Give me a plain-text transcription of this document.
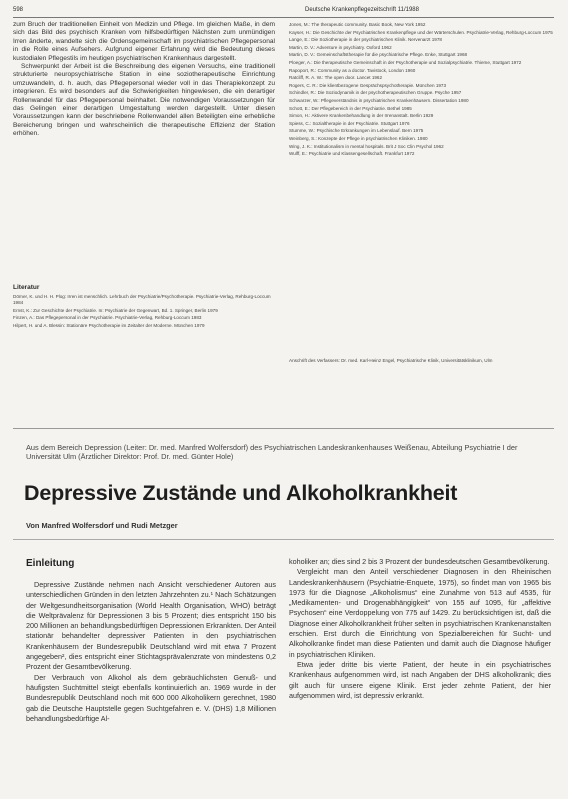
598	Deutsche Krankenpflegezeitschrift 11/1988

zum Bruch der traditionellen Einheit von Medizin und Pflege. Im gleichen Maße, in dem sich das Bild des psychisch Kranken vom hilfsbedürftigen Nächsten zum unmündigen Irren änderte, wandelte sich die Ordensgemeinschaft im psychiatrischen Pflegepersonal in die Rolle eines Aufsehers. Aufgrund eigener Erfahrung wird die Bedeutung dieses kustodialen Pflegestils im heutigen psychiatrischen Krankenhaus dargestellt.

Schwerpunkt der Arbeit ist die Beschreibung des eigenen Versuchs, eine traditionell strukturierte neuropsychiatrische Station in eine soziotherapeutische Einrichtung umzuwandeln, d. h. auch, das Pflegepersonal wieder voll in das Therapiekonzept zu integrieren. Es wird besonders auf die Schwierigkeiten hingewiesen, die ein derartiger Rollenwandel für das Pflegepersonal beinhaltet. Die notwendigen Voraussetzungen für das Gelingen einer derartigen Umgestaltung werden dargestellt. Unter diesen Voraussetzungen kann der beschriebene Rollenwandel allen Beteiligten eine erhebliche Bereicherung bringen und wahrscheinlich die therapeutische Effizienz der Station erhöhen.

Literatur
Dörner, K. und H. H. Plog: Irren ist menschlich. Lehrbuch der Psychiatrie/Psychotherapie. Psychiatrie-Verlag, Rehburg-Loccum 1984
Ernst, K.: Zur Geschichte der Psychiatrie. In: Psychiatrie der Gegenwart, Bd. 1. Springer, Berlin 1979
Finzen, A.: Das Pflegepersonal in der Psychiatrie. Psychiatrie-Verlag, Rehburg-Loccum 1983
Hilpert, H. und A. Blessin: Stationäre Psychotherapie im Zeitalter der Moderne. München 1979
Jones, M.: The therapeutic community. Basic Book, New York 1952
Kayser, H.: Die Geschichte der Psychiatrischen Krankenpflege und der Wärterschulen. Psychiatrie-Verlag, Rehburg-Loccum 1975
Lange, E.: Die Soziotherapie in der psychiatrischen Klinik. Nervenarzt 1978
Martin, D. V.: Adventure in psychiatry. Oxford 1962
Martin, D. V.: Gemeinschaftstherapie für die psychiatrische Pflege. Enke, Stuttgart 1968
Ploeger, A.: Die therapeutische Gemeinschaft in der Psychotherapie und Sozialpsychiatrie. Thieme, Stuttgart 1972
Rapoport, R.: Community as a doctor. Tavistock, London 1960
Ratcliff, R. A. W.: The open door. Lancet 1962
Rogers, C. R.: Die klientbezogene Gesprächspsychotherapie. München 1973
Schindler, R.: Die Soziodynamik in der psychotherapeutischen Gruppe. Psyche 1957
Schwarzer, W.: Pflegeverständnis in psychiatrischen Krankenhäusern. Dissertation 1980
Schott, E.: Der Pflegebereich in der Psychiatrie. Bethel 1985
Simon, H.: Aktivere Krankenbehandlung in der Irrenanstalt. Berlin 1929
Spiess, C.: Sozialtherapie in der Psychiatrie. Stuttgart 1976
Stumme, W.: Psychische Erkrankungen im Lebenslauf. Bern 1975
Weinberg, S.: Konzepte der Pflege in psychiatrischen Kliniken. 1980
Wing, J. K.: Institutionalism in mental hospitals. Brit J Soc Clin Psychol 1962
Wulff, E.: Psychiatrie und Klassengesellschaft. Frankfurt 1972
Anschrift des Verfassers: Dr. med. Karl-Heinz Engel, Psychiatrische Klinik, Universitätsklinikum, Ulm
Aus dem Bereich Depression (Leiter: Dr. med. Manfred Wolfersdorf) des Psychiatrischen Landeskrankenhauses Weißenau, Abteilung Psychiatrie I der Universität Ulm (Ärztlicher Direktor: Prof. Dr. med. Günter Hole)
Depressive Zustände und Alkoholkrankheit
Von Manfred Wolfersdorf und Rudi Metzger
Einleitung

Depressive Zustände nehmen nach Ansicht verschiedener Autoren aus unterschiedlichen Gründen in den letzten Jahrzehnten zu.¹ Nach Schätzungen der Weltgesundheitsorganisation (World Health Organisation, WHO) beträgt die Weltprävalenz für Depressionen 3 bis 5 Prozent; dies entspricht 150 bis 200 Millionen an behandlungsbedürftigen Depressionen Erkrankten. Der Anteil stationär behandelter depressiver Patienten in den psychiatrischen Krankenhäusern der Bundesrepublik Deutschland wird mit etwa 7 Prozent angegeben², dies entspricht einer Stichtagsprävalenzrate von mindestens 0,2 Prozent der Gesamtbevölkerung.

Der Verbrauch von Alkohol als dem gebräuchlichsten Genuß- und häufigsten Suchtmittel steigt ebenfalls kontinuierlich an. 1969 wurde in der Bundesrepublik Deutschland noch mit 600 000 Alkoholikern gerechnet, 1980 gab die Deutsche Hauptstelle gegen Suchtgefahren e. V. (DHS) 1,8 Millionen behandlungsbedürftige Al-

koholiker an; dies sind 2 bis 3 Prozent der bundesdeutschen Gesamtbevölkerung.

Vergleicht man den Anteil verschiedener Diagnosen in den Rheinischen Landeskrankenhäusern (Psychiatrie-Enquete, 1975), so findet man von 1965 bis 1973 für die Diagnose „Alkoholismus“ eine Zunahme von 513 auf 4535, für „Medikamenten- und Drogenabhängigkeit“ von 155 auf 1095, für „affektive Psychosen“ eine Verdoppelung von 775 auf 1429. Zu berücksichtigen ist, daß die Diagnose einer Alkoholkrankheit früher selten in psychiatrischen Krankenanstalten erschien. Erst durch die Einrichtung von Spezialbereichen für Sucht- und Alkoholkranke findet man diese Patienten und damit auch die Diagnose häufiger in psychiatrischen Kliniken.

Etwa jeder dritte bis vierte Patient, der heute in ein psychiatrisches Krankenhaus aufgenommen wird, ist nach Angaben der DHS alkoholkrank; dies gilt auch für unsere eigene Klinik. Erst jeder zehnte Patient, der hier aufgenommen wird, ist depressiv erkrankt.
